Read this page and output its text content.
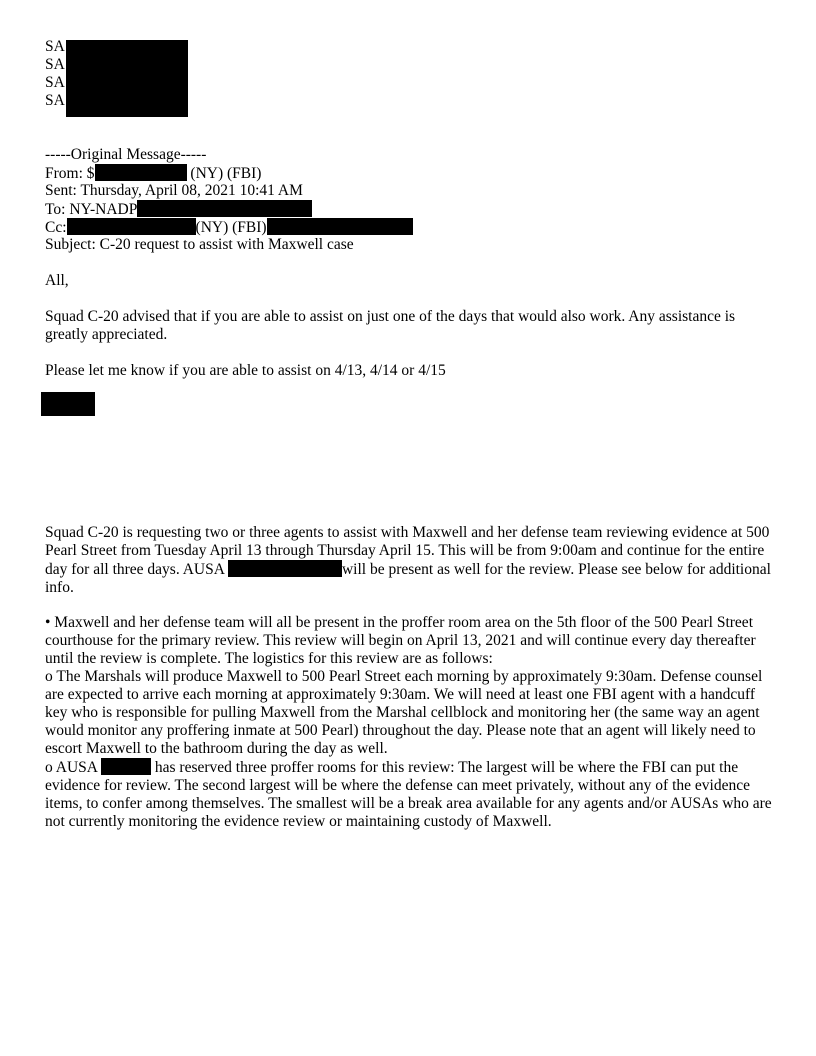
SA
SA
SA
SA
-----Original Message-----
From: $	(NY) (FBI)
Sent: Thursday, April 08, 2021 10:41 AM
To: NY-NADP
Cc:	(NY) (FBI)
Subject: C-20 request to assist with Maxwell case
All,
Squad C-20 advised that if you are able to assist on just one of the days that would also work. Any assistance is greatly appreciated.
Please let me know if you are able to assist on 4/13, 4/14 or 4/15
Squad C-20 is requesting two or three agents to assist with Maxwell and her defense team reviewing evidence at 500 Pearl Street from Tuesday April 13 through Thursday April 15. This will be from 9:00am and continue for the entire day for all three days. AUSA	will be present as well for the review. Please see below for additional info.
• Maxwell and her defense team will all be present in the proffer room area on the 5th floor of the 500 Pearl Street courthouse for the primary review. This review will begin on April 13, 2021 and will continue every day thereafter until the review is complete. The logistics for this review are as follows:
o The Marshals will produce Maxwell to 500 Pearl Street each morning by approximately 9:30am. Defense counsel are expected to arrive each morning at approximately 9:30am. We will need at least one FBI agent with a handcuff key who is responsible for pulling Maxwell from the Marshal cellblock and monitoring her (the same way an agent would monitor any proffering inmate at 500 Pearl) throughout the day. Please note that an agent will likely need to escort Maxwell to the bathroom during the day as well.
o AUSA	has reserved three proffer rooms for this review: The largest will be where the FBI can put the evidence for review. The second largest will be where the defense can meet privately, without any of the evidence items, to confer among themselves. The smallest will be a break area available for any agents and/or AUSAs who are not currently monitoring the evidence review or maintaining custody of Maxwell.
